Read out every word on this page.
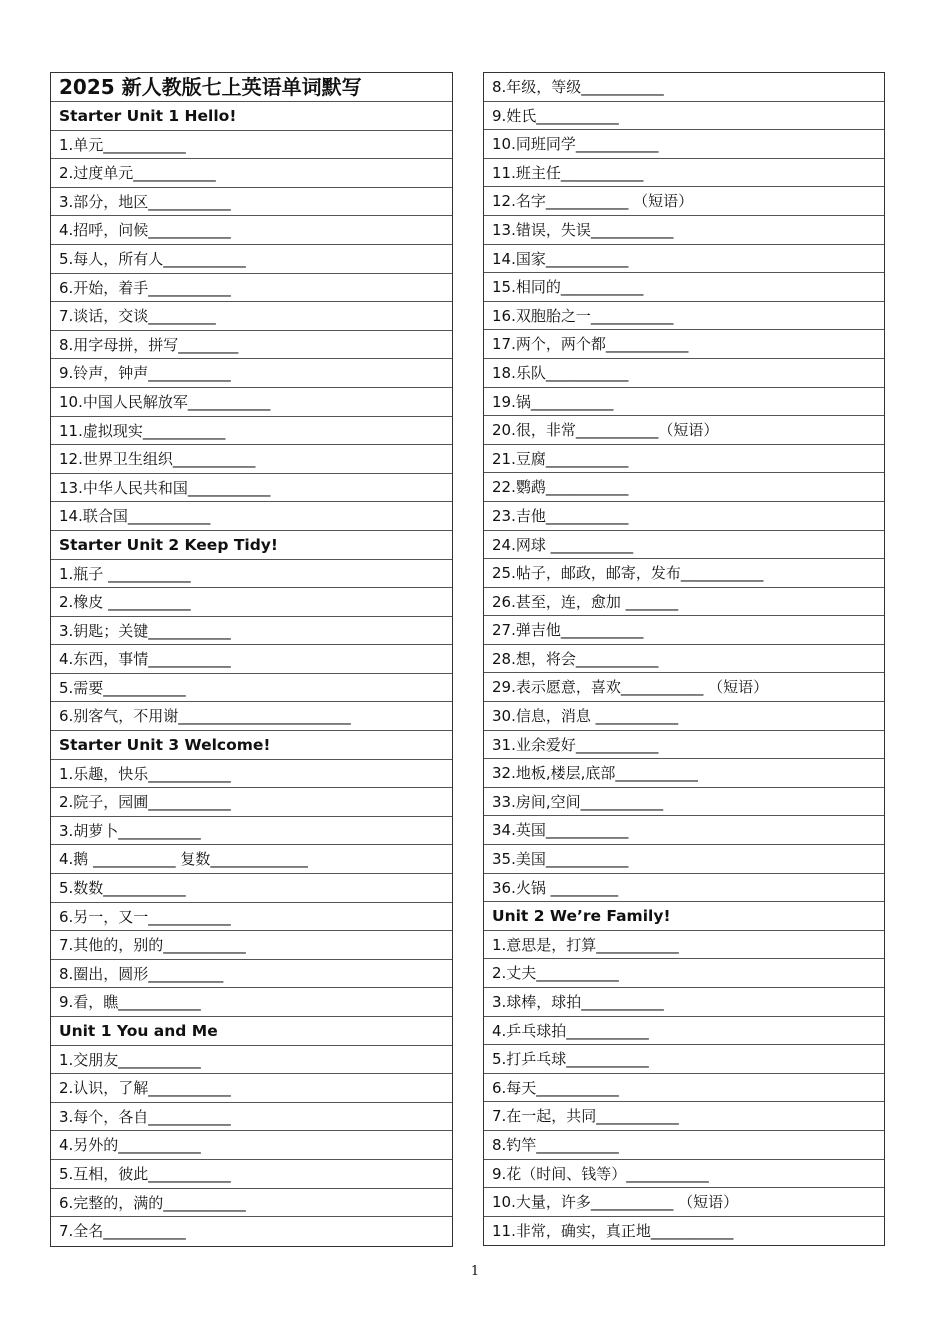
2025 新人教版七上英语单词默写
Starter Unit 1 Hello!
1.单元___________
2.过度单元___________
3.部分，地区___________
4.招呼，问候___________
5.每人，所有人___________
6.开始，着手___________
7.谈话，交谈_________
8.用字母拼，拼写________
9.铃声，钟声___________
10.中国人民解放军___________
11.虚拟现实___________
12.世界卫生组织___________
13.中华人民共和国___________
14.联合国___________
Starter Unit 2 Keep Tidy!
1.瓶子 ___________
2.橡皮 ___________
3.钥匙；关键___________
4.东西，事情___________
5.需要___________
6.别客气，不用谢_______________________
Starter Unit 3 Welcome!
1.乐趣，快乐___________
2.院子，园圃___________
3.胡萝卜___________
4.鹅 ___________ 复数_____________
5.数数___________
6.另一，又一___________
7.其他的，别的___________
8.圈出，圆形__________
9.看，瞧___________
Unit 1 You and Me
1.交朋友___________
2.认识，了解___________
3.每个，各自___________
4.另外的___________
5.互相，彼此___________
6.完整的，满的___________
7.全名___________
8.年级，等级___________
9.姓氏___________
10.同班同学___________
11.班主任___________
12.名字___________ （短语）
13.错误，失误___________
14.国家___________
15.相同的___________
16.双胞胎之一___________
17.两个，两个都___________
18.乐队___________
19.锅___________
20.很，非常___________（短语）
21.豆腐___________
22.鹦鹉___________
23.吉他___________
24.网球 ___________
25.帖子，邮政，邮寄，发布___________
26.甚至，连，愈加 _______
27.弹吉他___________
28.想，将会___________
29.表示愿意，喜欢___________ （短语）
30.信息，消息 ___________
31.业余爱好___________
32.地板,楼层,底部___________
33.房间,空间___________
34.英国___________
35.美国___________
36.火锅 _________
Unit 2 We’re Family!
1.意思是，打算___________
2.丈夫___________
3.球棒，球拍___________
4.乒乓球拍___________
5.打乒乓球___________
6.每天___________
7.在一起，共同___________
8.钓竿___________
9.花（时间、钱等）___________
10.大量，许多___________ （短语）
11.非常，确实，真正地___________
1
